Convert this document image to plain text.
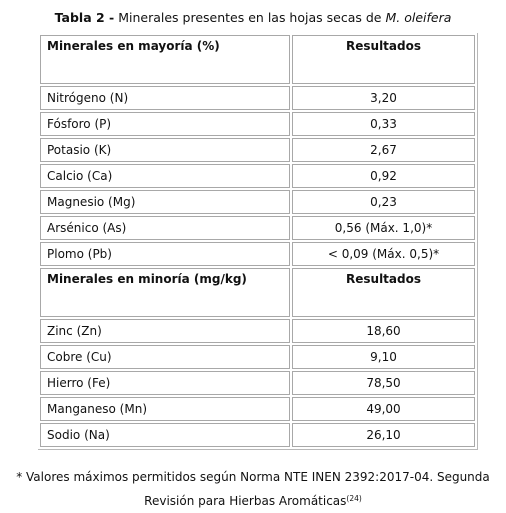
Tabla 2 - Minerales presentes en las hojas secas de M. oleifera
Minerales en mayoría (%)	Resultados
Nitrógeno (N)	3,20
Fósforo (P)	0,33
Potasio (K)	2,67
Calcio (Ca)	0,92
Magnesio (Mg)	0,23
Arsénico (As)	0,56 (Máx. 1,0)*
Plomo (Pb)	< 0,09 (Máx. 0,5)*
Minerales en minoría (mg/kg)	Resultados
Zinc (Zn)	18,60
Cobre (Cu)	9,10
Hierro (Fe)	78,50
Manganeso (Mn)	49,00
Sodio (Na)	26,10
* Valores máximos permitidos según Norma NTE INEN 2392:2017-04. Segunda
Revisión para Hierbas Aromáticas$^{(24)}$
